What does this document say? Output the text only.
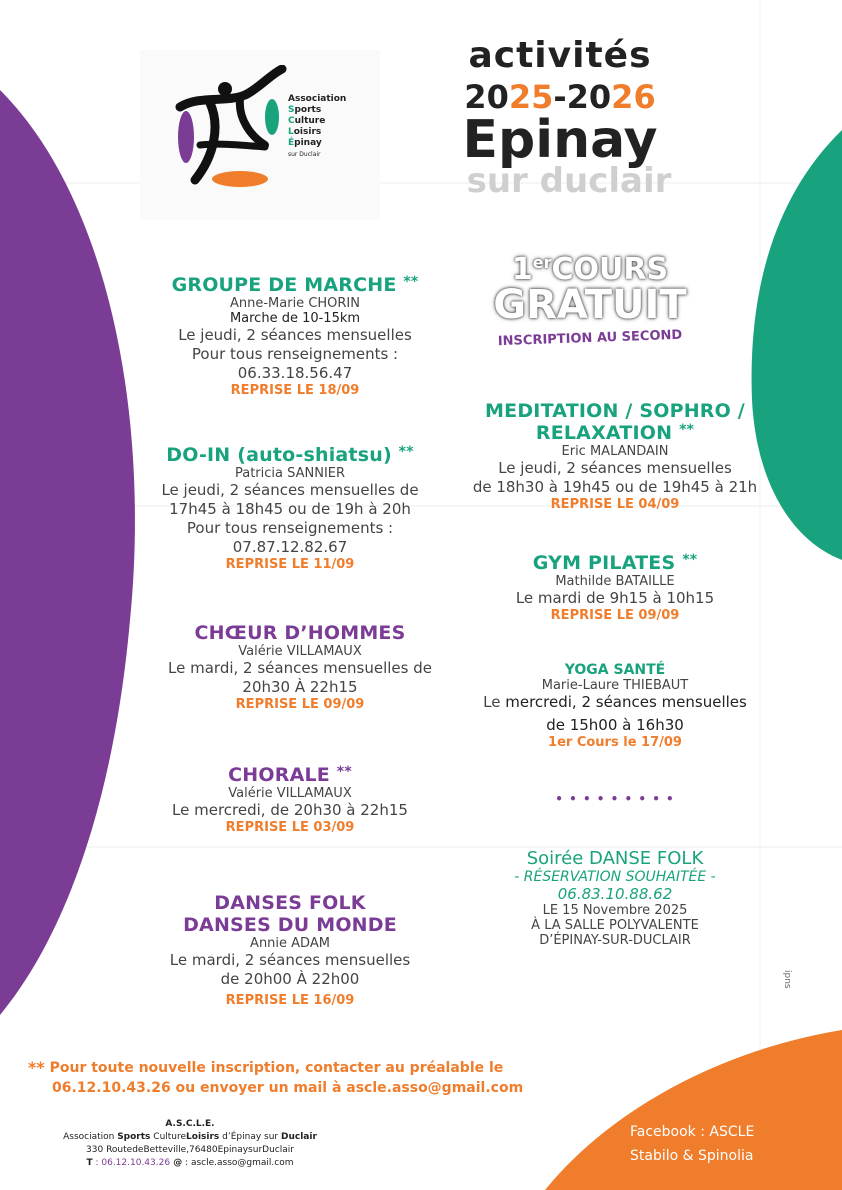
Association
Sports
Culture
Loisirs
Épinay
sur Duclair
activités
2025-2026
Epinay
sur duclair
1erCOURS
GRATUIT
INSCRIPTION AU SECOND
GROUPE DE MARCHE **
Anne-Marie CHORIN
Marche de 10-15km
Le jeudi, 2 séances mensuelles
Pour tous renseignements :
06.33.18.56.47
REPRISE LE 18/09
DO-IN (auto-shiatsu) **
Patricia SANNIER
Le jeudi, 2 séances mensuelles de
17h45 à 18h45 ou de 19h à 20h
Pour tous renseignements :
07.87.12.82.67
REPRISE LE 11/09
CHŒUR D’HOMMES
Valérie VILLAMAUX
Le mardi, 2 séances mensuelles de
20h30 À 22h15
REPRISE LE 09/09
CHORALE **
Valérie VILLAMAUX
Le mercredi, de 20h30 à 22h15
REPRISE LE 03/09
DANSES FOLK
DANSES DU MONDE
Annie ADAM
Le mardi, 2 séances mensuelles
de 20h00 À 22h00
REPRISE LE 16/09
MEDITATION / SOPHRO /
RELAXATION **
Eric MALANDAIN
Le jeudi, 2 séances mensuelles
de 18h30 à 19h45 ou de 19h45 à 21h
REPRISE LE 04/09
GYM PILATES **
Mathilde BATAILLE
Le mardi de 9h15 à 10h15
REPRISE LE 09/09
YOGA SANTÉ
Marie-Laure THIEBAUT
Le mercredi, 2 séances mensuelles
de 15h00 à 16h30
1er Cours le 17/09
• • • • • • • • •
Soirée DANSE FOLK
- RÉSERVATION SOUHAITÉE -
06.83.10.88.62
LE 15 Novembre 2025
À LA SALLE POLYVALENTE
D’ÉPINAY-SUR-DUCLAIR
ipns
** Pour toute nouvelle inscription, contacter au préalable le
06.12.10.43.26 ou envoyer un mail à ascle.asso@gmail.com
A.S.C.L.E.
Association Sports CultureLoisirs d’Épinay sur Duclair
330 RoutedeBetteville,76480EpinaysurDuclair
T : 06.12.10.43.26 @ : ascle.asso@gmail.com
Facebook : ASCLE
Stabilo & Spinolia
